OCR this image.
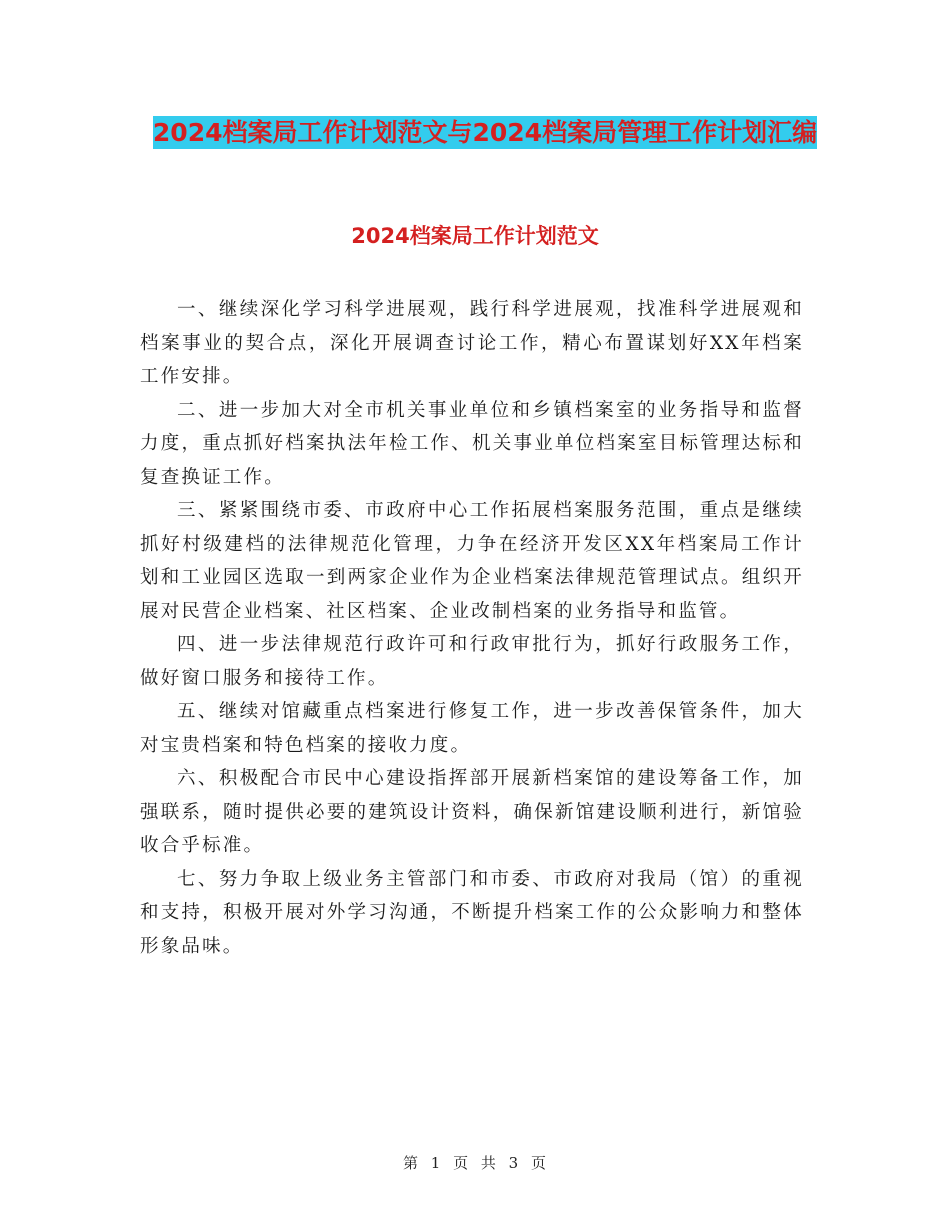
2024档案局工作计划范文与2024档案局管理工作计划汇编
2024档案局工作计划范文

一、继续深化学习科学进展观，践行科学进展观，找准科学进展观和档案事业的契合点，深化开展调查讨论工作，精心布置谋划好XX年档案工作安排。

二、进一步加大对全市机关事业单位和乡镇档案室的业务指导和监督力度，重点抓好档案执法年检工作、机关事业单位档案室目标管理达标和复查换证工作。

三、紧紧围绕市委、市政府中心工作拓展档案服务范围，重点是继续抓好村级建档的法律规范化管理，力争在经济开发区XX年档案局工作计划和工业园区选取一到两家企业作为企业档案法律规范管理试点。组织开展对民营企业档案、社区档案、企业改制档案的业务指导和监管。

四、进一步法律规范行政许可和行政审批行为，抓好行政服务工作，做好窗口服务和接待工作。

五、继续对馆藏重点档案进行修复工作，进一步改善保管条件，加大对宝贵档案和特色档案的接收力度。

六、积极配合市民中心建设指挥部开展新档案馆的建设筹备工作，加强联系，随时提供必要的建筑设计资料，确保新馆建设顺利进行，新馆验收合乎标准。

七、努力争取上级业务主管部门和市委、市政府对我局（馆）的重视和支持，积极开展对外学习沟通，不断提升档案工作的公众影响力和整体形象品味。

第 1 页 共 3 页
